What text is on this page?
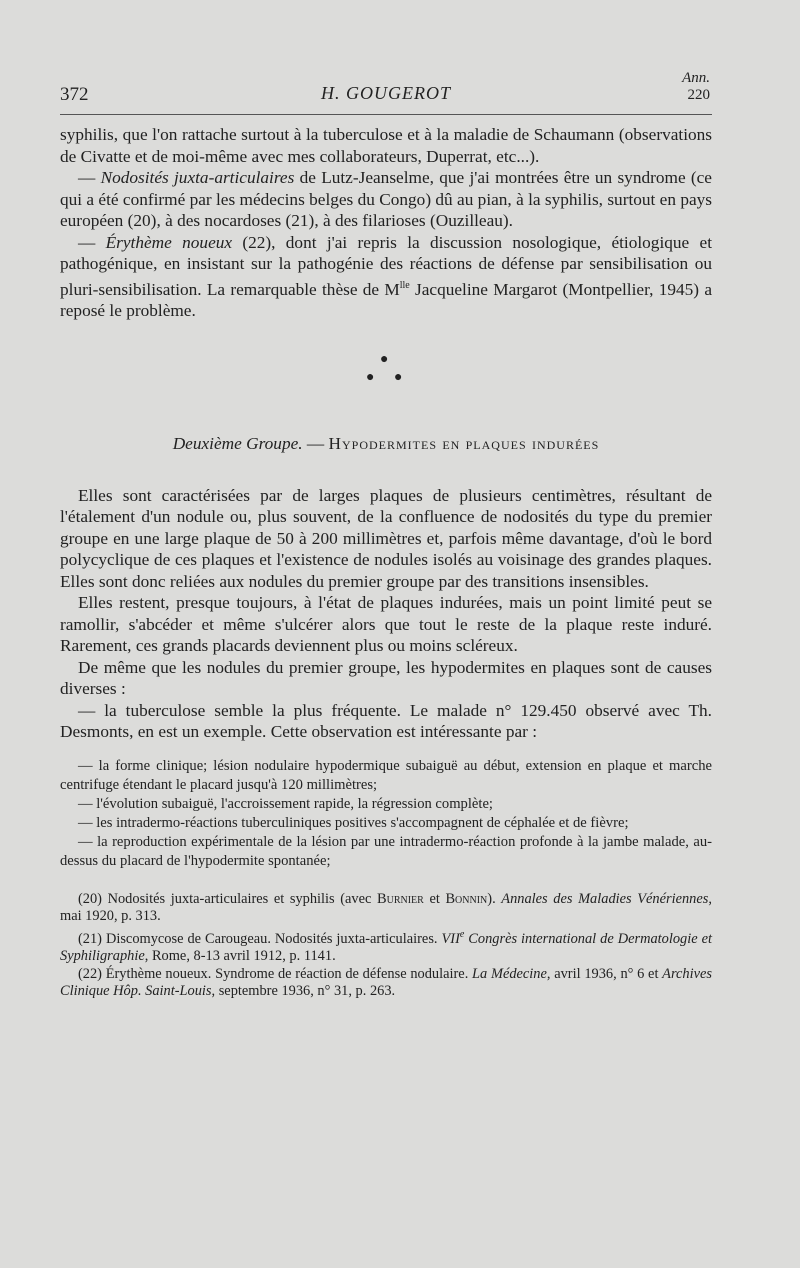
372	H. GOUGEROT
Ann.
220

syphilis, que l'on rattache surtout à la tuberculose et à la maladie de Schaumann (observations de Civatte et de moi-même avec mes collaborateurs, Duperrat, etc...).

— Nodosités juxta-articulaires de Lutz-Jeanselme, que j'ai montrées être un syndrome (ce qui a été confirmé par les médecins belges du Congo) dû au pian, à la syphilis, surtout en pays européen (20), à des nocardoses (21), à des filarioses (Ouzilleau).

— Érythème noueux (22), dont j'ai repris la discussion nosologique, étiologique et pathogénique, en insistant sur la pathogénie des réactions de défense par sensibilisation ou pluri-sensibilisation. La remarquable thèse de $M^{lle}$ Jacqueline Margarot (Montpellier, 1945) a reposé le problème.

●
● ●
Deuxième Groupe. — Hypodermites en plaques indurées

Elles sont caractérisées par de larges plaques de plusieurs centimètres, résultant de l'étalement d'un nodule ou, plus souvent, de la confluence de nodosités du type du premier groupe en une large plaque de 50 à 200 millimètres et, parfois même davantage, d'où le bord polycyclique de ces plaques et l'existence de nodules isolés au voisinage des grandes plaques. Elles sont donc reliées aux nodules du premier groupe par des transitions insensibles.

Elles restent, presque toujours, à l'état de plaques indurées, mais un point limité peut se ramollir, s'abcéder et même s'ulcérer alors que tout le reste de la plaque reste induré. Rarement, ces grands placards deviennent plus ou moins scléreux.

De même que les nodules du premier groupe, les hypodermites en plaques sont de causes diverses :

— la tuberculose semble la plus fréquente. Le malade n° 129.450 observé avec Th. Desmonts, en est un exemple. Cette observation est intéressante par :

— la forme clinique; lésion nodulaire hypodermique subaiguë au début, extension en plaque et marche centrifuge étendant le placard jusqu'à 120 millimètres;

— l'évolution subaiguë, l'accroissement rapide, la régression complète;

— les intradermo-réactions tuberculiniques positives s'accompagnent de céphalée et de fièvre;

— la reproduction expérimentale de la lésion par une intradermo-réaction profonde à la jambe malade, au-dessus du placard de l'hypodermite spontanée;

(20) Nodosités juxta-articulaires et syphilis (avec Burnier et Bonnin). Annales des Maladies Vénériennes, mai 1920, p. 313.

(21) Discomycose de Carougeau. Nodosités juxta-articulaires. VIIe Congrès international de Dermatologie et Syphiligraphie, Rome, 8-13 avril 1912, p. 1141.

(22) Érythème noueux. Syndrome de réaction de défense nodulaire. La Médecine, avril 1936, n° 6 et Archives Clinique Hôp. Saint-Louis, septembre 1936, n° 31, p. 263.
